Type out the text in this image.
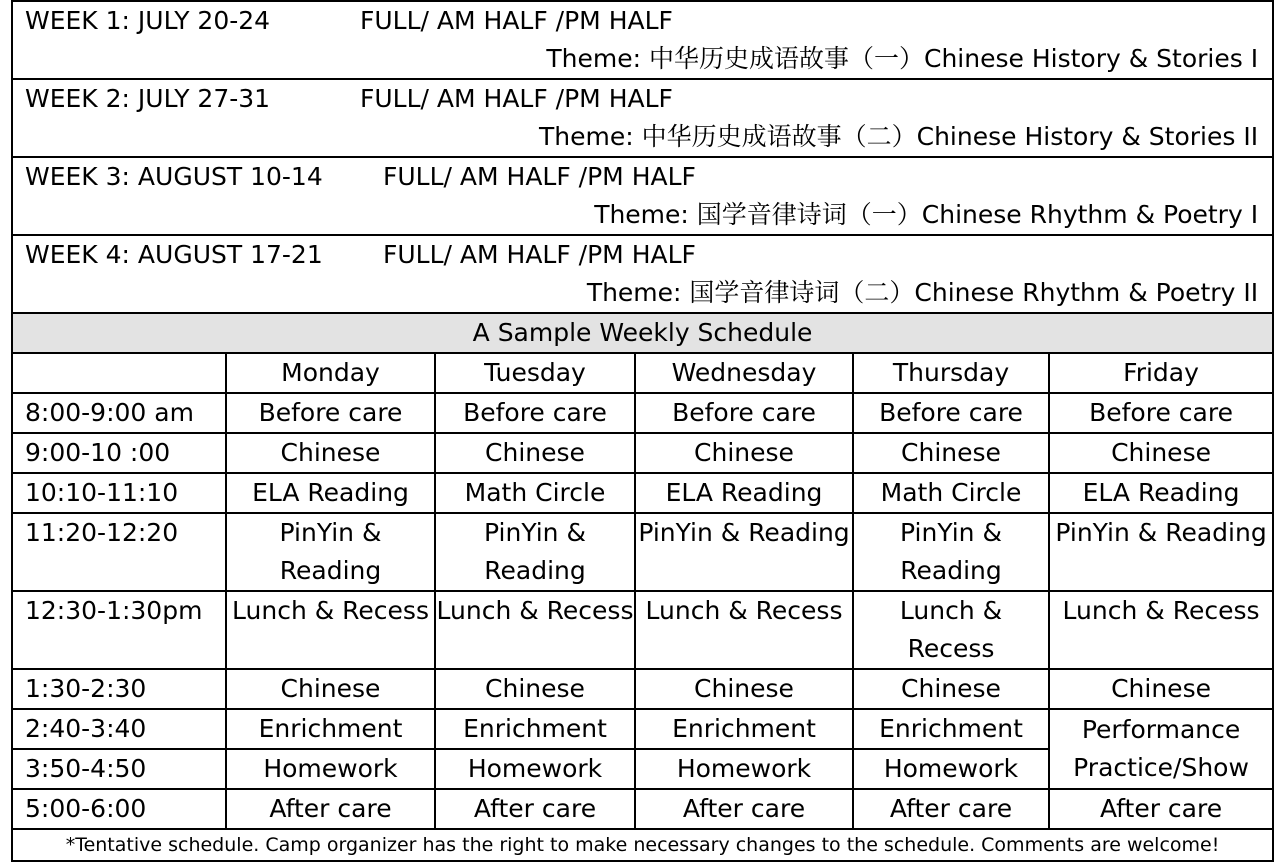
WEEK 1: JULY 20-24 FULL/ AM HALF /PM HALF
Theme: 中华历史成语故事（一）Chinese History & Stories I					

WEEK 2: JULY 27-31 FULL/ AM HALF /PM HALF
Theme: 中华历史成语故事（二）Chinese History & Stories II					

WEEK 3: AUGUST 10-14 FULL/ AM HALF /PM HALF
Theme: 国学音律诗词（一）Chinese Rhythm & Poetry I					

WEEK 4: AUGUST 17-21 FULL/ AM HALF /PM HALF
Theme: 国学音律诗词（二）Chinese Rhythm & Poetry II					

A Sample Weekly Schedule					
	Monday	Tuesday	Wednesday	Thursday	Friday
8:00-9:00 am	Before care	Before care	Before care	Before care	Before care
9:00-10 :00	Chinese	Chinese	Chinese	Chinese	Chinese
10:10-11:10	ELA Reading	Math Circle	ELA Reading	Math Circle	ELA Reading
11:20-12:20	PinYin & Reading	PinYin & Reading	PinYin & Reading	PinYin & Reading	PinYin & Reading
12:30-1:30pm	Lunch & Recess	Lunch & Recess	Lunch & Recess	Lunch & Recess	Lunch & Recess
1:30-2:30	Chinese	Chinese	Chinese	Chinese	Chinese
2:40-3:40	Enrichment	Enrichment	Enrichment	Enrichment	Performance Practice/Show
3:50-4:50	Homework	Homework	Homework	Homework	
5:00-6:00	After care	After care	After care	After care	After care
*Tentative schedule. Camp organizer has the right to make necessary changes to the schedule. Comments are welcome!					
